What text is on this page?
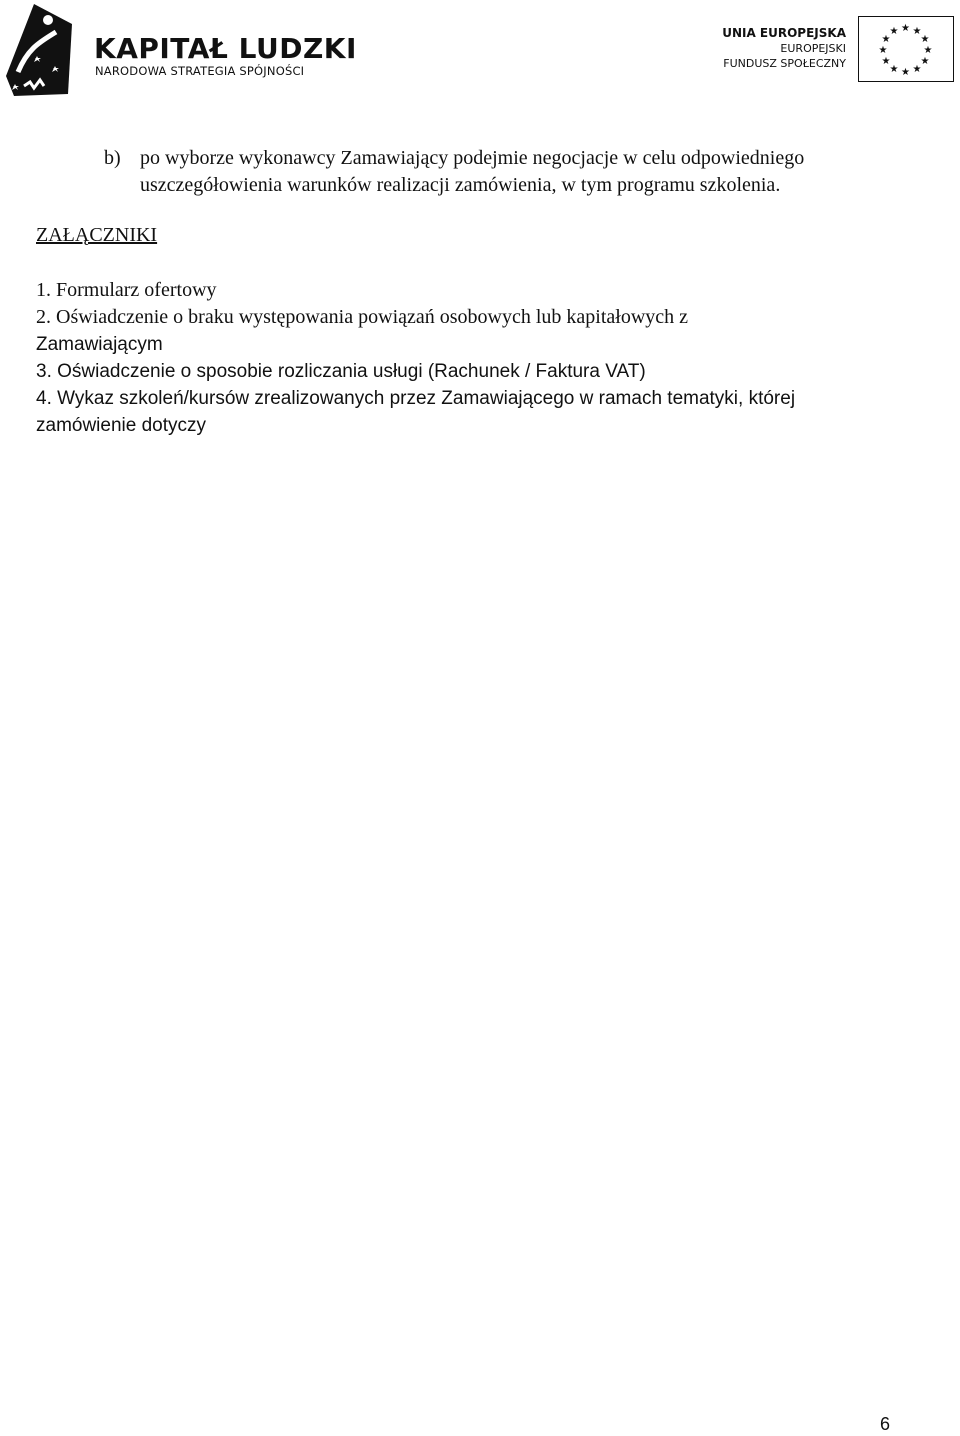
KAPITAŁ LUDZKI
NARODOWA STRATEGIA SPÓJNOŚCI
UNIA EUROPEJSKA
EUROPEJSKI
FUNDUSZ SPOŁECZNY
★ ★
★
★
★
★
★
★
★
★
★
★
b) po wyborze wykonawcy Zamawiający podejmie negocjacje w celu odpowiedniego
uszczegółowienia warunków realizacji zamówienia, w tym programu szkolenia.
ZAŁĄCZNIKI
1. Formularz ofertowy
2. Oświadczenie o braku występowania powiązań osobowych lub kapitałowych z
Zamawiającym
3. Oświadczenie o sposobie rozliczania usługi (Rachunek / Faktura VAT)
4. Wykaz szkoleń/kursów zrealizowanych przez Zamawiającego w ramach tematyki, której
zamówienie dotyczy
6
